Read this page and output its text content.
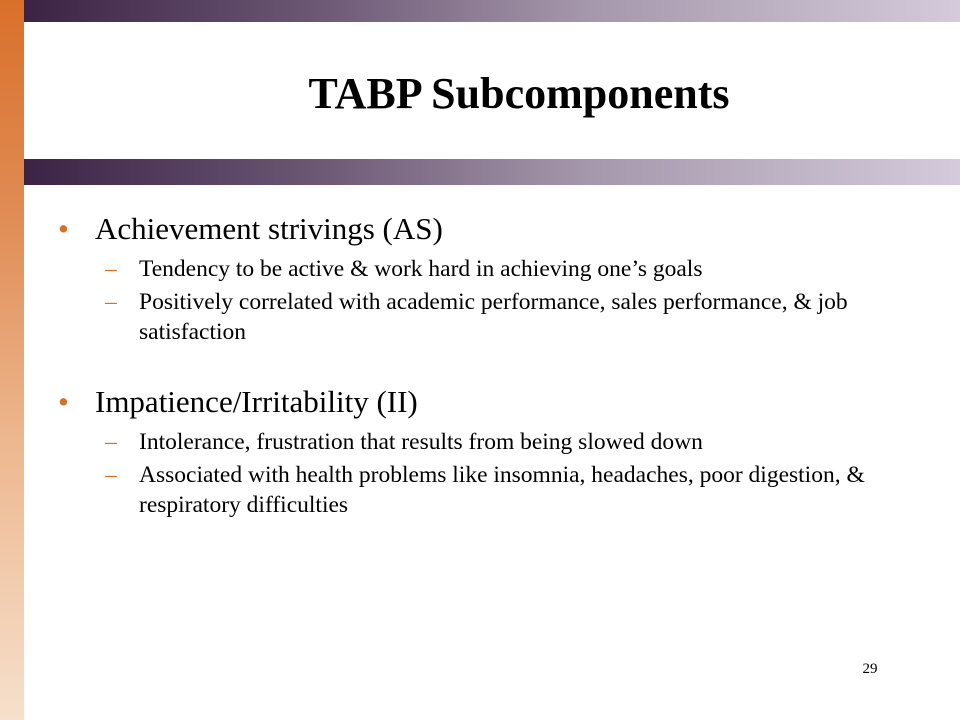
TABP Subcomponents
• Achievement strivings (AS)
– Tendency to be active & work hard in achieving one’s goals
– Positively correlated with academic performance, sales performance, & job satisfaction
• Impatience/Irritability (II)
– Intolerance, frustration that results from being slowed down
– Associated with health problems like insomnia, headaches, poor digestion, & respiratory difficulties
29
